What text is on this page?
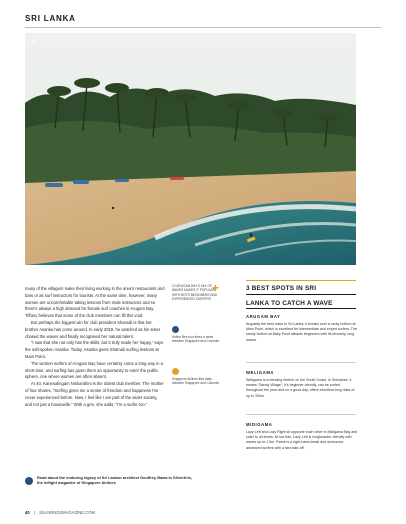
SRI LANKA
12

many of the villagers make their living working in the area's restaurants and bars or as surf instructors for tourists. At the same time, however, many women are uncomfortable taking lessons from male instructors and so there's always a high demand for female surf coaches in Arugam Bay. Tiffany believes that some of the club members can fill this void.

But perhaps the biggest win for club president Shamali is that her brother Asanka has come around. In early 2019, he watched as his sister chased the waves and finally recognised her natural talent.

“I saw that she not only has the skills, but it truly made her happy,” says the soft-spoken Asanka. Today, Asanka gives Shamali surfing lessons at Main Point.

The women surfers of Arugam Bay have certainly come a long way in a short time, and surfing has given them an opportunity to enter the public sphere, one where women are often absent.

At 40, Kanesalingam Nishanthini is the oldest club member. The mother of four shares, “Surfing gives me a sense of freedom and happiness I've never experienced before. Now, I feel like I am part of the wider society, and not just a housewife.” With a grin, she adds, “I'm a surfer too.”

12 ARUGAM BAY'S MIX OF WAVES MAKES IT POPULAR WITH BOTH BEGINNERS AND EXPERIENCED SURFERS
Airline flies four times a week between Singapore and Colombo
Singapore Airlines flies daily between Singapore and Colombo
+	3 BEST SPOTS IN SRI
LANKA TO CATCH A WAVE
ARUGAM BAY
Arguably the best wave in Sri Lanka, it breaks over a rocky bottom at Main Point, which is excellent for intermediate and expert surfers. The sandy bottom at Baby Point attracts beginners with its leisurely, long waves.
WELIGAMA
Weligama is a bending stretch on the South Coast. In Sinhalese, it means “Sandy Village”. It's beginner-friendly, can be surfed throughout the year and on a good day, offers excellent long rides of up to 300m.
MIDIGAMA
Lazy Left and Lazy Right sit opposite each other in Midigama Bay and cater to all levels. At low tide, Lazy Left is longboarder-friendly with waves up to 1.5m. Rams is a right-hand break and welcomes advanced surfers with a fast take-off.
Read about the enduring legacy of Sri Lankan architect Geoffrey Bawa in SilverKris, the inflight magazine of Singapore Airlines
40 | SILKWINDSMAGAZINE.COM
